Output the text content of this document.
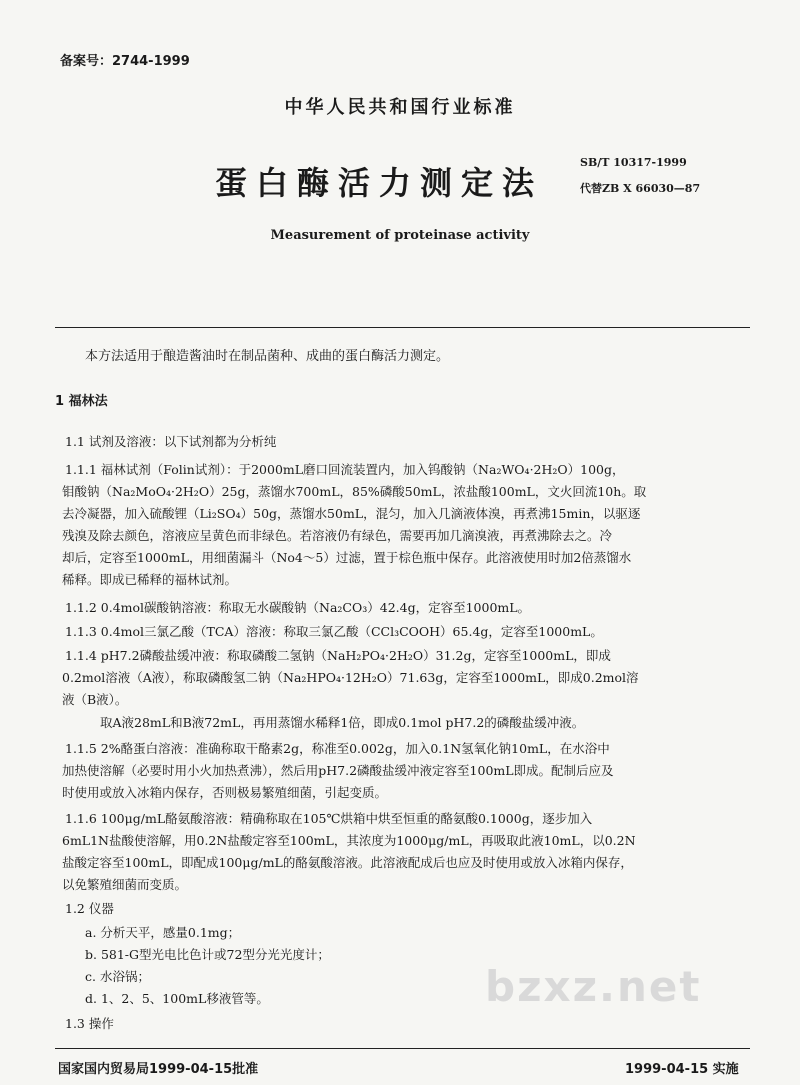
备案号：2744-1999
中华人民共和国行业标准
蛋白酶活力测定法
SB/T 10317-1999
代替ZB X 66030—87
Measurement of proteinase activity
本方法适用于酿造酱油时在制品菌种、成曲的蛋白酶活力测定。
1 福林法
1.1 试剂及溶液：以下试剂都为分析纯
1.1.1 福林试剂（Folin试剂）：于2000mL磨口回流装置内，加入钨酸钠（Na₂WO₄·2H₂O）100g，
钼酸钠（Na₂MoO₄·2H₂O）25g，蒸馏水700mL，85%磷酸50mL，浓盐酸100mL，文火回流10h。取
去冷凝器，加入硫酸锂（Li₂SO₄）50g，蒸馏水50mL，混匀，加入几滴液体溴，再煮沸15min，以驱逐
残溴及除去颜色，溶液应呈黄色而非绿色。若溶液仍有绿色，需要再加几滴溴液，再煮沸除去之。冷
却后，定容至1000mL，用细菌漏斗（No4～5）过滤，置于棕色瓶中保存。此溶液使用时加2倍蒸馏水
稀释。即成已稀释的福林试剂。
1.1.2 0.4mol碳酸钠溶液：称取无水碳酸钠（Na₂CO₃）42.4g，定容至1000mL。
1.1.3 0.4mol三氯乙酸（TCA）溶液：称取三氯乙酸（CCl₃COOH）65.4g，定容至1000mL。
1.1.4 pH7.2磷酸盐缓冲液：称取磷酸二氢钠（NaH₂PO₄·2H₂O）31.2g，定容至1000mL，即成
0.2mol溶液（A液），称取磷酸氢二钠（Na₂HPO₄·12H₂O）71.63g，定容至1000mL，即成0.2mol溶
液（B液）。
取A液28mL和B液72mL，再用蒸馏水稀释1倍，即成0.1mol pH7.2的磷酸盐缓冲液。
1.1.5 2%酪蛋白溶液：准确称取干酪素2g，称准至0.002g，加入0.1N氢氧化钠10mL，在水浴中
加热使溶解（必要时用小火加热煮沸），然后用pH7.2磷酸盐缓冲液定容至100mL即成。配制后应及
时使用或放入冰箱内保存，否则极易繁殖细菌，引起变质。
1.1.6 100μg/mL酪氨酸溶液：精确称取在105℃烘箱中烘至恒重的酪氨酸0.1000g，逐步加入
6mL1N盐酸使溶解，用0.2N盐酸定容至100mL，其浓度为1000μg/mL，再吸取此液10mL，以0.2N
盐酸定容至100mL，即配成100μg/mL的酪氨酸溶液。此溶液配成后也应及时使用或放入冰箱内保存，
以免繁殖细菌而变质。
1.2 仪器
a. 分析天平，感量0.1mg；
b. 581-G型光电比色计或72型分光光度计；
c. 水浴锅；
d. 1、2、5、100mL移液管等。
1.3 操作
bzxz.net
国家国内贸易局1999-04-15批准	1999-04-15 实施
